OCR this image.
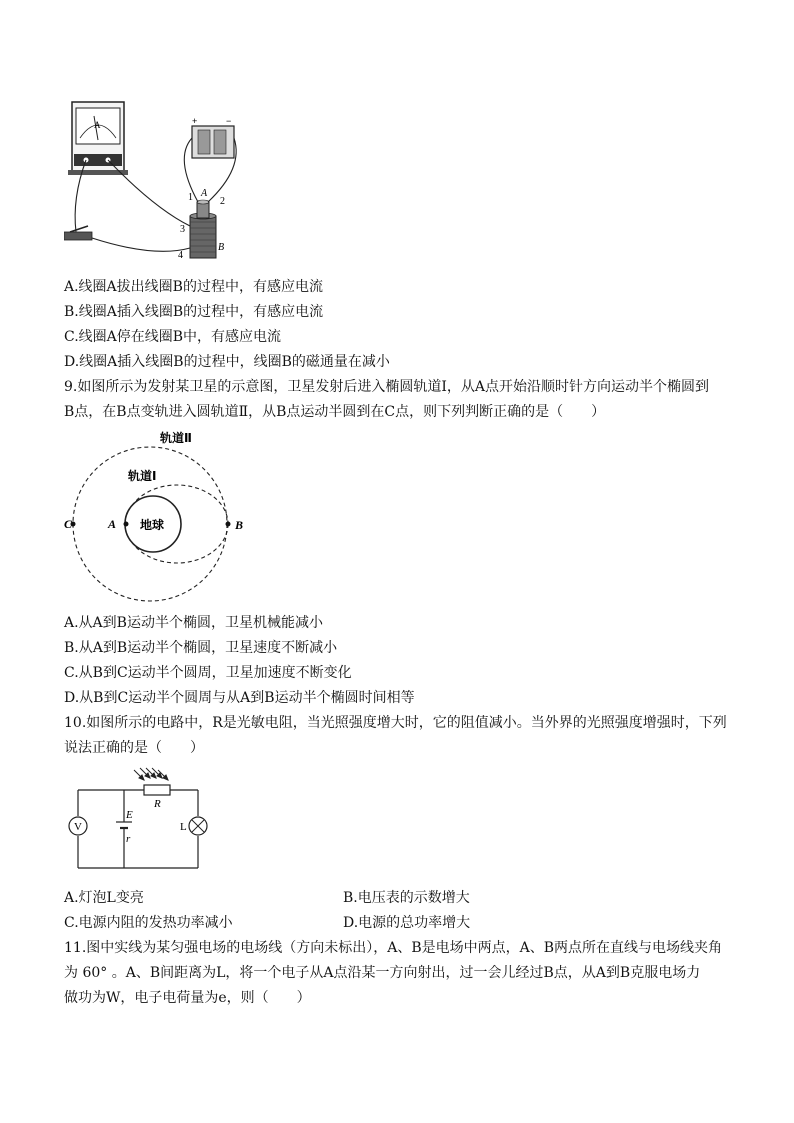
A	+	−
1 A
2
3
4
B
A.线圈A拔出线圈B的过程中，有感应电流
B.线圈A插入线圈B的过程中，有感应电流
C.线圈A停在线圈B中，有感应电流
D.线圈A插入线圈B的过程中，线圈B的磁通量在减小
9.如图所示为发射某卫星的示意图，卫星发射后进入椭圆轨道Ⅰ，从A点开始沿顺时针方向运动半个椭圆到
B点，在B点变轨进入圆轨道Ⅱ，从B点运动半圆到在C点，则下列判断正确的是（　　）
轨道Ⅱ
轨道Ⅰ
地球
A	B
C
A.从A到B运动半个椭圆，卫星机械能减小
B.从A到B运动半个椭圆，卫星速度不断减小
C.从B到C运动半个圆周，卫星加速度不断变化
D.从B到C运动半个圆周与从A到B运动半个椭圆时间相等
10.如图所示的电路中，R是光敏电阻，当光照强度增大时，它的阻值减小。当外界的光照强度增强时，下列
说法正确的是（　　）
V	L
R
E
r
A.灯泡L变亮	B.电压表的示数增大
C.电源内阻的发热功率减小	D.电源的总功率增大
11.图中实线为某匀强电场的电场线（方向未标出），A、B是电场中两点，A、B两点所在直线与电场线夹角
为 60° 。A、B间距离为L，将一个电子从A点沿某一方向射出，过一会儿经过B点，从A到B克服电场力
做功为W，电子电荷量为e，则（　　）
